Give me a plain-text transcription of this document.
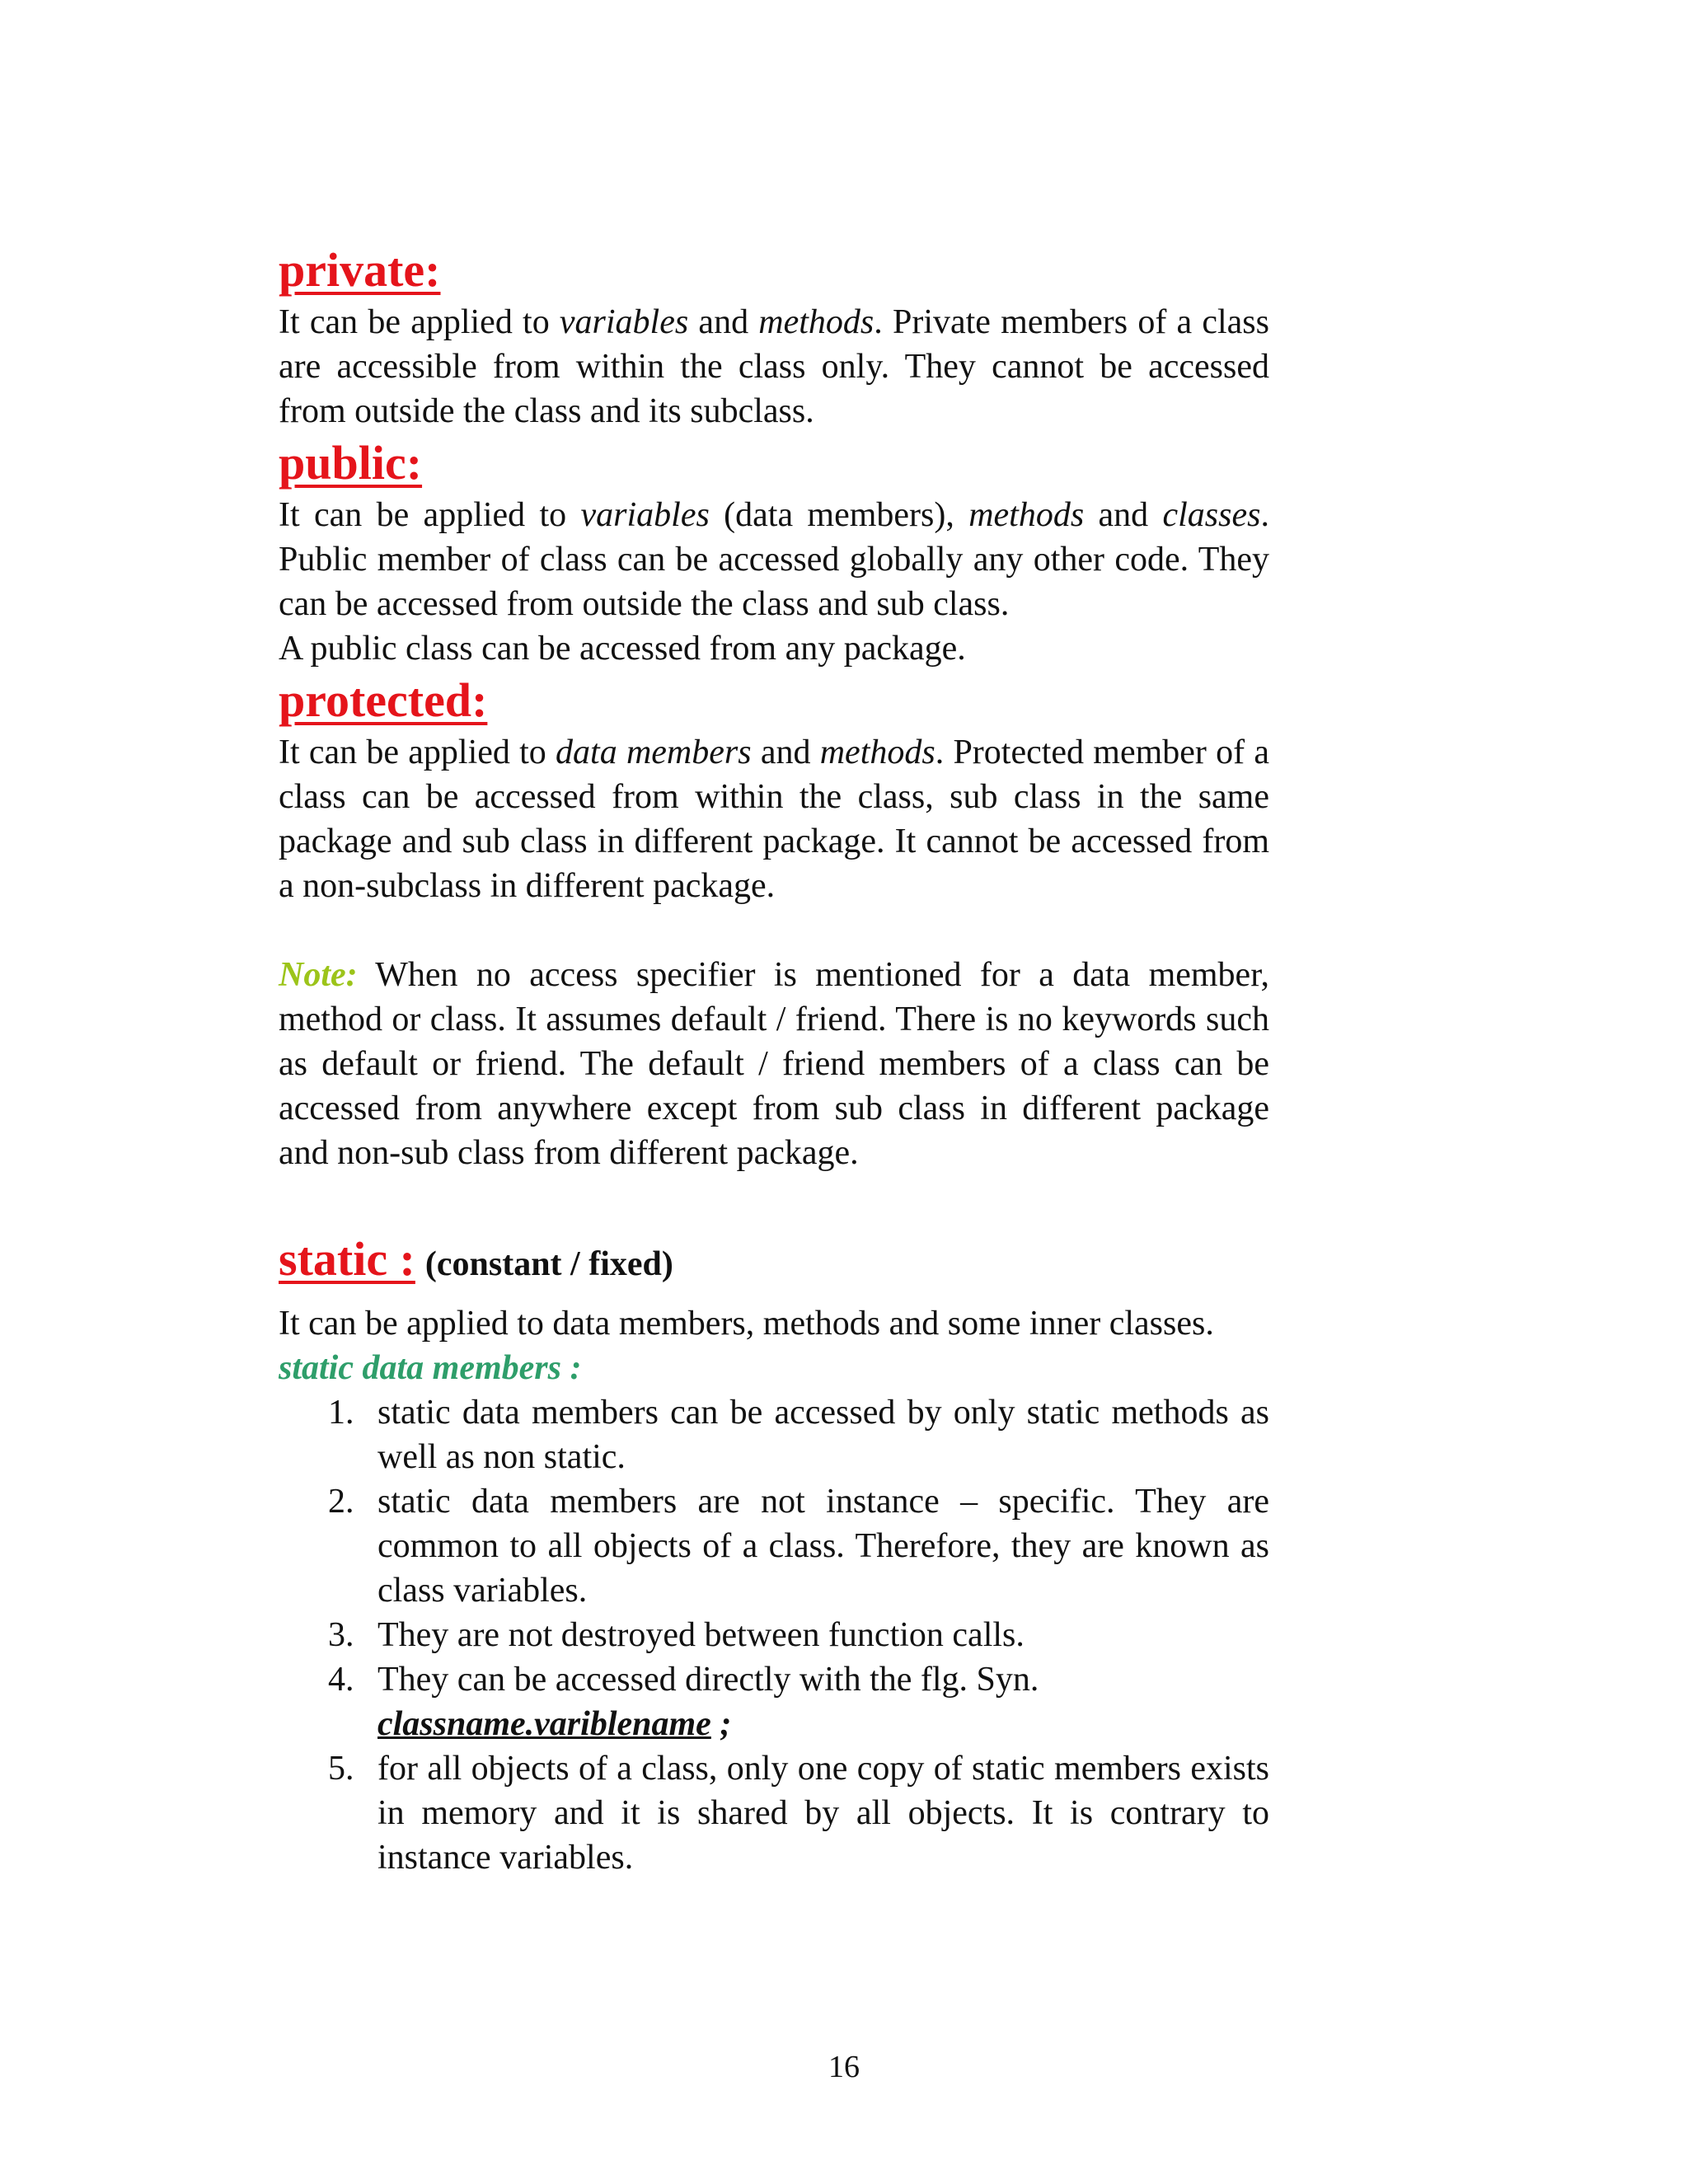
private:

It can be applied to variables and methods. Private members of a class are accessible from within the class only. They cannot be accessed from outside the class and its subclass.

public:

It can be applied to variables (data members), methods and classes. Public member of class can be accessed globally any other code. They can be accessed from outside the class and sub class.

A public class can be accessed from any package.

protected:

It can be applied to data members and methods. Protected member of a class can be accessed from within the class, sub class in the same package and sub class in different package. It cannot be accessed from a non-subclass in different package.

Note: When no access specifier is mentioned for a data member, method or class. It assumes default / friend. There is no keywords such as default or friend. The default / friend members of a class can be accessed from anywhere except from sub class in different package and non-sub class from different package.

static : (constant / fixed)

It can be applied to data members, methods and some inner classes.

static data members :
1. static data members can be accessed by only static methods as well as non static.
2. static data members are not instance – specific. They are common to all objects of a class. Therefore, they are known as class variables.
3. They are not destroyed between function calls.
4. They can be accessed directly with the flg. Syn.
classname.variblename ;
5. for all objects of a class, only one copy of static members exists in memory and it is shared by all objects. It is contrary to instance variables.
16
